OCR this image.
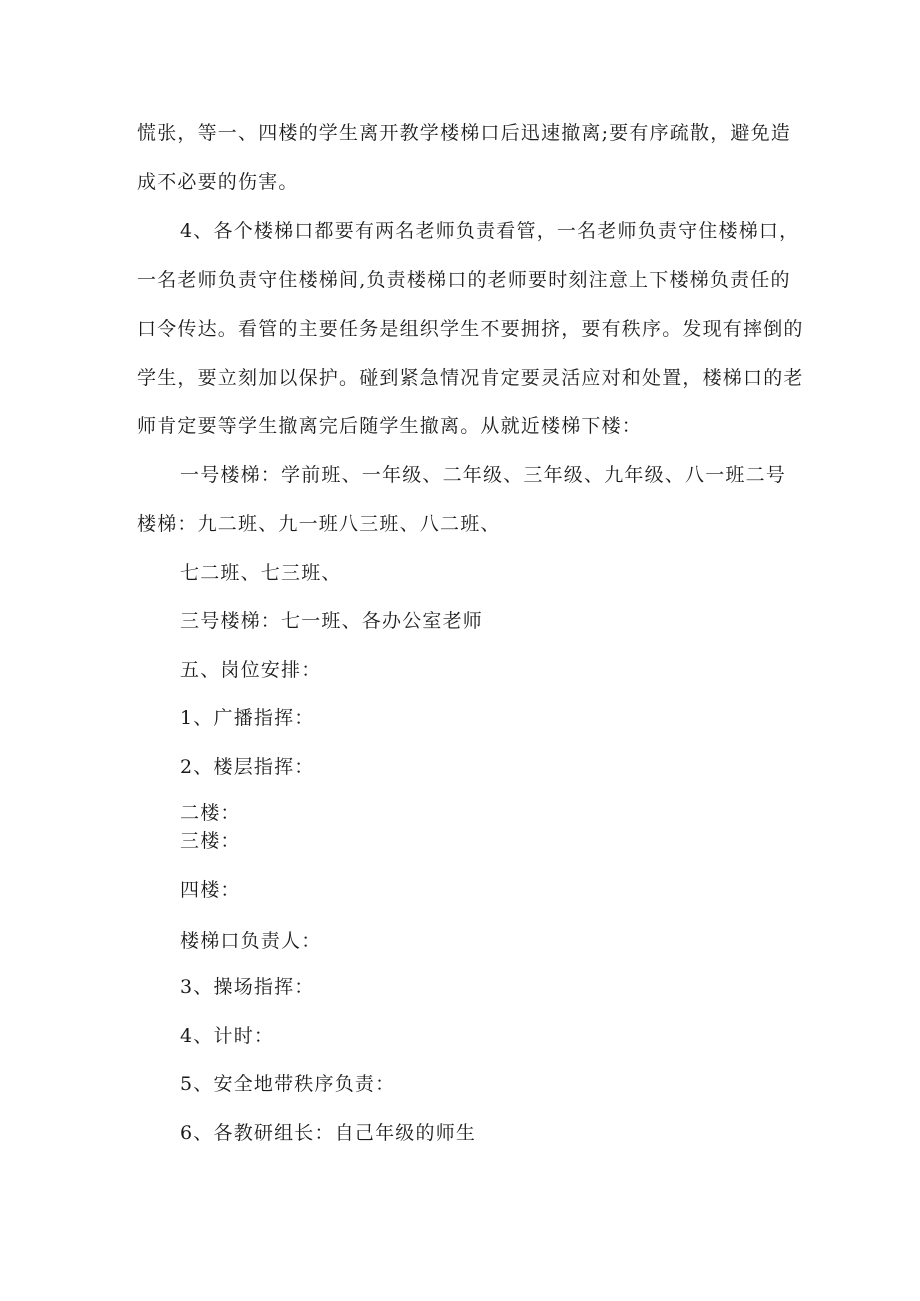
慌张，等一、四楼的学生离开教学楼梯口后迅速撤离;要有序疏散，避免造
成不必要的伤害。
4、各个楼梯口都要有两名老师负责看管，一名老师负责守住楼梯口，
一名老师负责守住楼梯间,负责楼梯口的老师要时刻注意上下楼梯负责任的
口令传达。看管的主要任务是组织学生不要拥挤，要有秩序。发现有摔倒的
学生，要立刻加以保护。碰到紧急情况肯定要灵活应对和处置，楼梯口的老
师肯定要等学生撤离完后随学生撤离。从就近楼梯下楼：
一号楼梯：学前班、一年级、二年级、三年级、九年级、八一班二号
楼梯：九二班、九一班八三班、八二班、
七二班、七三班、
三号楼梯：七一班、各办公室老师
五、岗位安排：
1、广播指挥：
2、楼层指挥：
二楼：
三楼：
四楼：
楼梯口负责人：
3、操场指挥：
4、计时：
5、安全地带秩序负责：
6、各教研组长：自己年级的师生
